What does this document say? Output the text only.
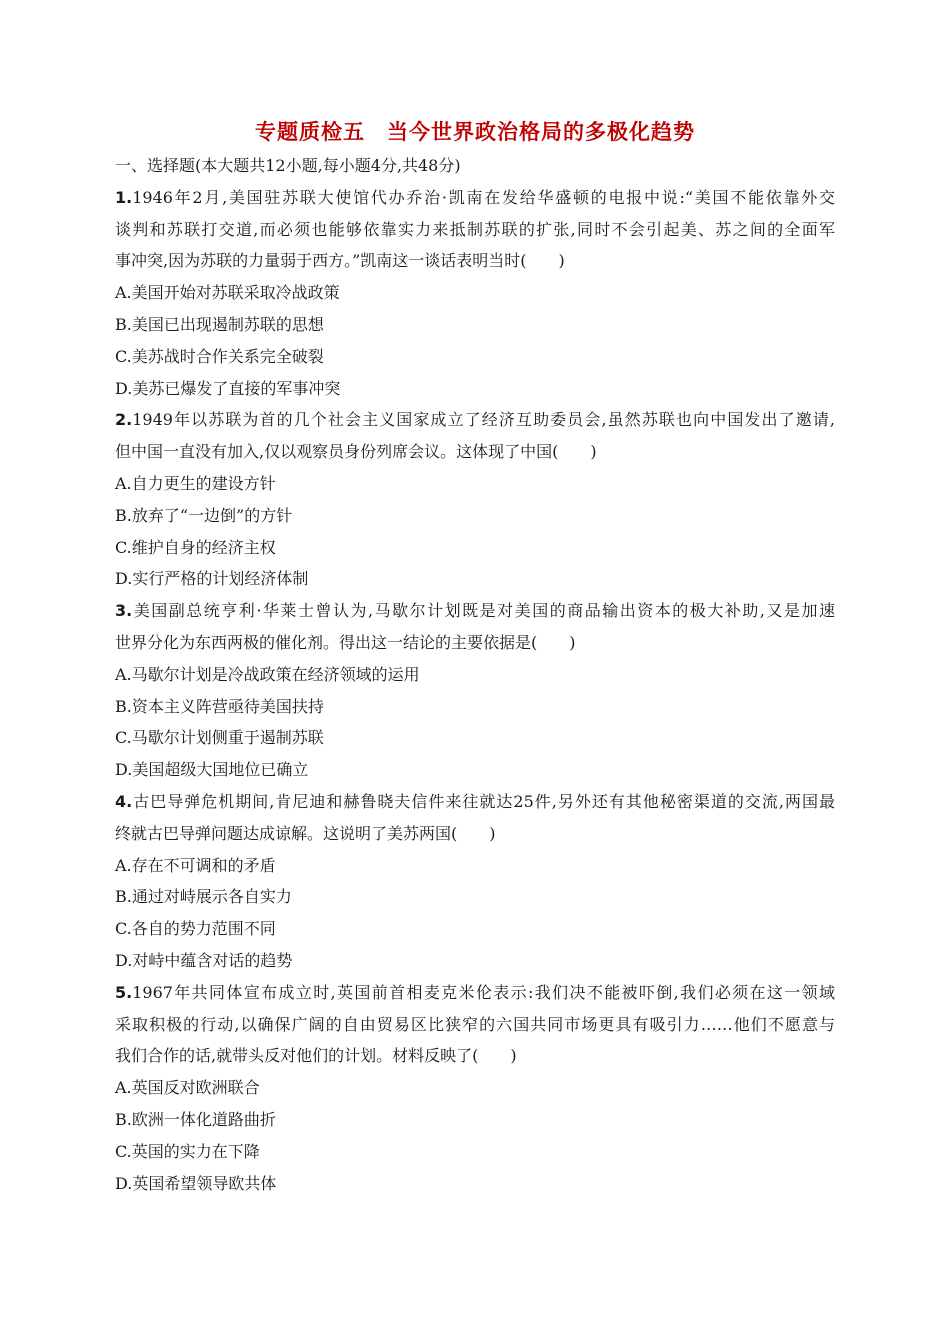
专题质检五　当今世界政治格局的多极化趋势
一、选择题(本大题共12小题,每小题4分,共48分)
1.1946年2月,美国驻苏联大使馆代办乔治·凯南在发给华盛顿的电报中说:“美国不能依靠外交
谈判和苏联打交道,而必须也能够依靠实力来抵制苏联的扩张,同时不会引起美、苏之间的全面军
事冲突,因为苏联的力量弱于西方。”凯南这一谈话表明当时(　　)
A.美国开始对苏联采取冷战政策
B.美国已出现遏制苏联的思想
C.美苏战时合作关系完全破裂
D.美苏已爆发了直接的军事冲突
2.1949年以苏联为首的几个社会主义国家成立了经济互助委员会,虽然苏联也向中国发出了邀请,
但中国一直没有加入,仅以观察员身份列席会议。这体现了中国(　　)
A.自力更生的建设方针
B.放弃了“一边倒”的方针
C.维护自身的经济主权
D.实行严格的计划经济体制
3.美国副总统亨利·华莱士曾认为,马歇尔计划既是对美国的商品输出资本的极大补助,又是加速
世界分化为东西两极的催化剂。得出这一结论的主要依据是(　　)
A.马歇尔计划是冷战政策在经济领域的运用
B.资本主义阵营亟待美国扶持
C.马歇尔计划侧重于遏制苏联
D.美国超级大国地位已确立
4.古巴导弹危机期间,肯尼迪和赫鲁晓夫信件来往就达25件,另外还有其他秘密渠道的交流,两国最
终就古巴导弹问题达成谅解。这说明了美苏两国(　　)
A.存在不可调和的矛盾
B.通过对峙展示各自实力
C.各自的势力范围不同
D.对峙中蕴含对话的趋势
5.1967年共同体宣布成立时,英国前首相麦克米伦表示:我们决不能被吓倒,我们必须在这一领域
采取积极的行动,以确保广阔的自由贸易区比狭窄的六国共同市场更具有吸引力……他们不愿意与
我们合作的话,就带头反对他们的计划。材料反映了(　　)
A.英国反对欧洲联合
B.欧洲一体化道路曲折
C.英国的实力在下降
D.英国希望领导欧共体
